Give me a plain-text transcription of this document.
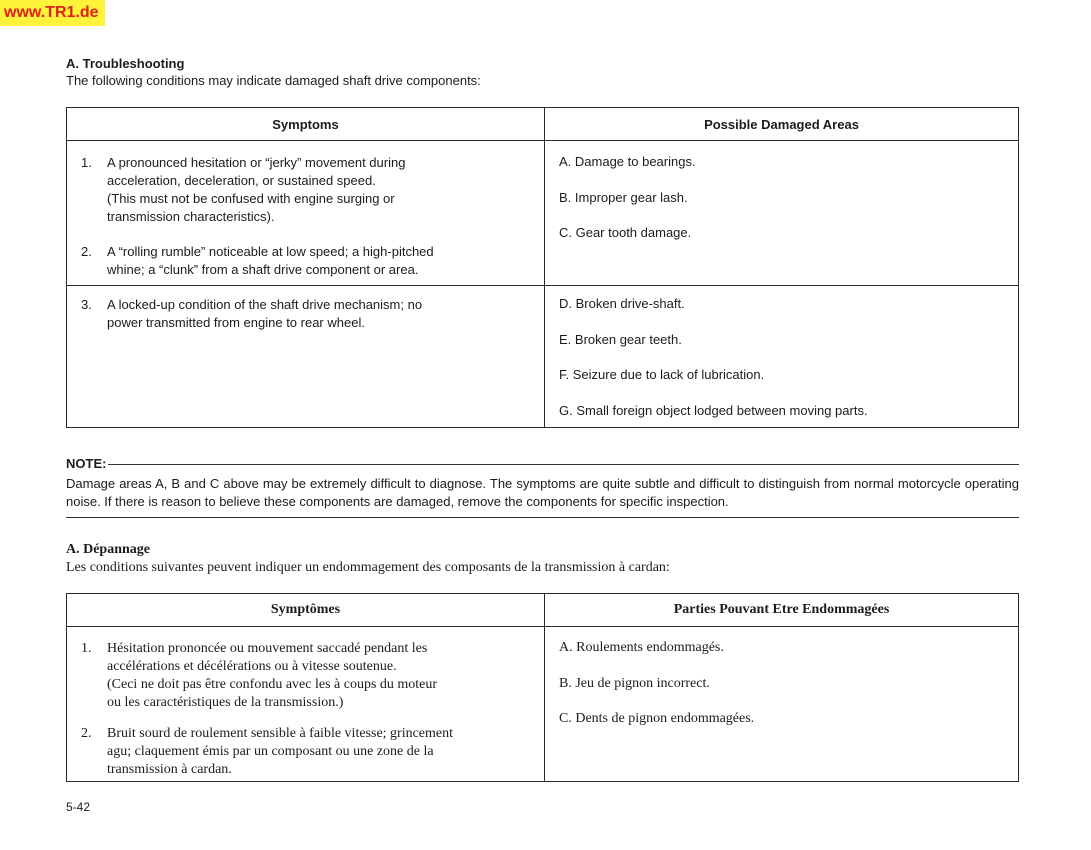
www.TR1.de
A. Troubleshooting
The following conditions may indicate damaged shaft drive components:
Symptoms	Possible Damaged Areas
1. A pronounced hesitation or “jerky” movement during
acceleration, deceleration, or sustained speed.
(This must not be confused with engine surging or
transmission characteristics).
2. A “rolling rumble” noticeable at low speed; a high-pitched
whine; a “clunk” from a shaft drive component or area.
A. Damage to bearings.
B. Improper gear lash.
C. Gear tooth damage.
3. A locked-up condition of the shaft drive mechanism; no
power transmitted from engine to rear wheel.
D. Broken drive-shaft.
E. Broken gear teeth.
F. Seizure due to lack of lubrication.
G. Small foreign object lodged between moving parts.
NOTE:
Damage areas A, B and C above may be extremely difficult to diagnose. The symptoms are quite subtle and difficult to distinguish from normal motorcycle operating noise. If there is reason to believe these components are damaged, remove the components for specific inspection.
A. Dépannage
Les conditions suivantes peuvent indiquer un endommagement des composants de la transmission à cardan:
Symptômes	Parties Pouvant Etre Endommagées
1. Hésitation prononcée ou mouvement saccadé pendant les
accélérations et décélérations ou à vitesse soutenue.
(Ceci ne doit pas être confondu avec les à coups du moteur
ou les caractéristiques de la transmission.)
2. Bruit sourd de roulement sensible à faible vitesse; grincement
agu; claquement émis par un composant ou une zone de la
transmission à cardan.
A. Roulements endommagés.
B. Jeu de pignon incorrect.
C. Dents de pignon endommagées.
5-42
